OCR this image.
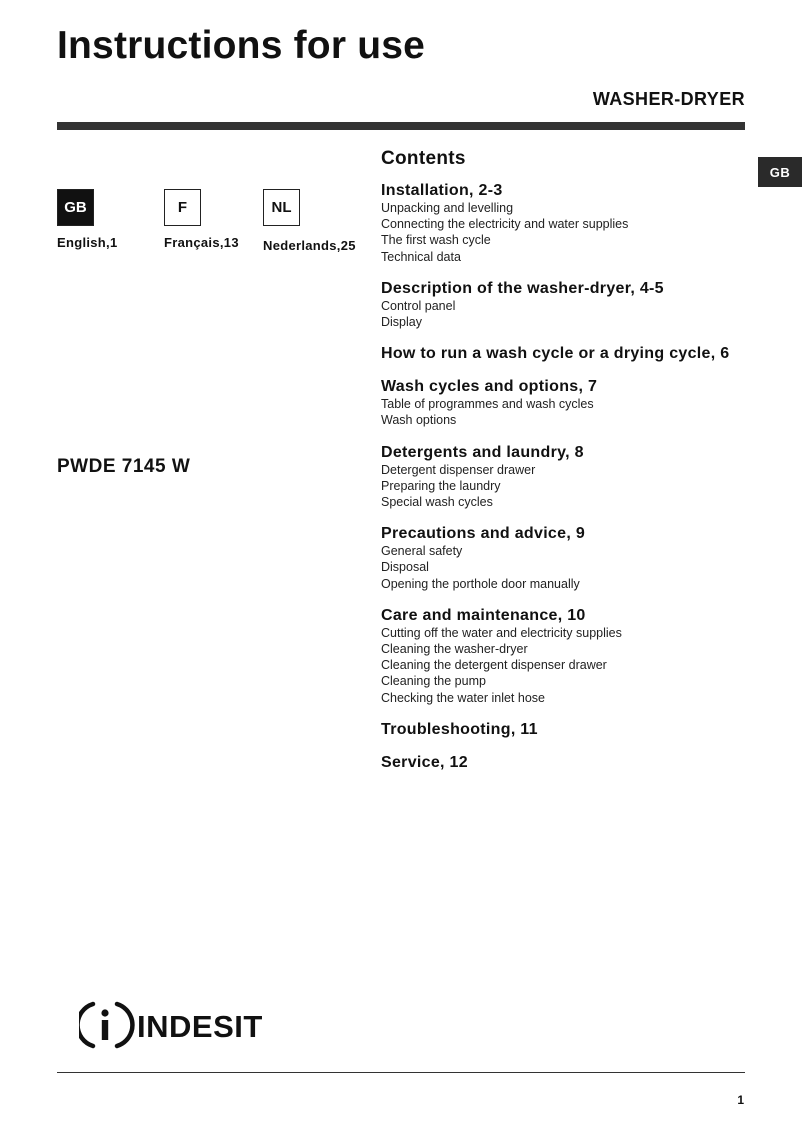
Instructions for use
WASHER-DRYER
GB
GB
English,1
F
Français,13
NL
Nederlands,25
PWDE 7145 W
Contents
Installation, 2-3
Unpacking and levelling
Connecting the electricity and water supplies
The first wash cycle
Technical data
Description of the washer-dryer, 4-5
Control panel
Display
How to run a wash cycle or a drying cycle, 6
Wash cycles and options, 7
Table of programmes and wash cycles
Wash options
Detergents and laundry, 8
Detergent dispenser drawer
Preparing the laundry
Special wash cycles
Precautions and advice, 9
General safety
Disposal
Opening the porthole door manually
Care and maintenance, 10
Cutting off the water and electricity supplies
Cleaning the washer-dryer
Cleaning the detergent dispenser drawer
Cleaning the pump
Checking the water inlet hose
Troubleshooting, 11
Service, 12
INDESIT
1
